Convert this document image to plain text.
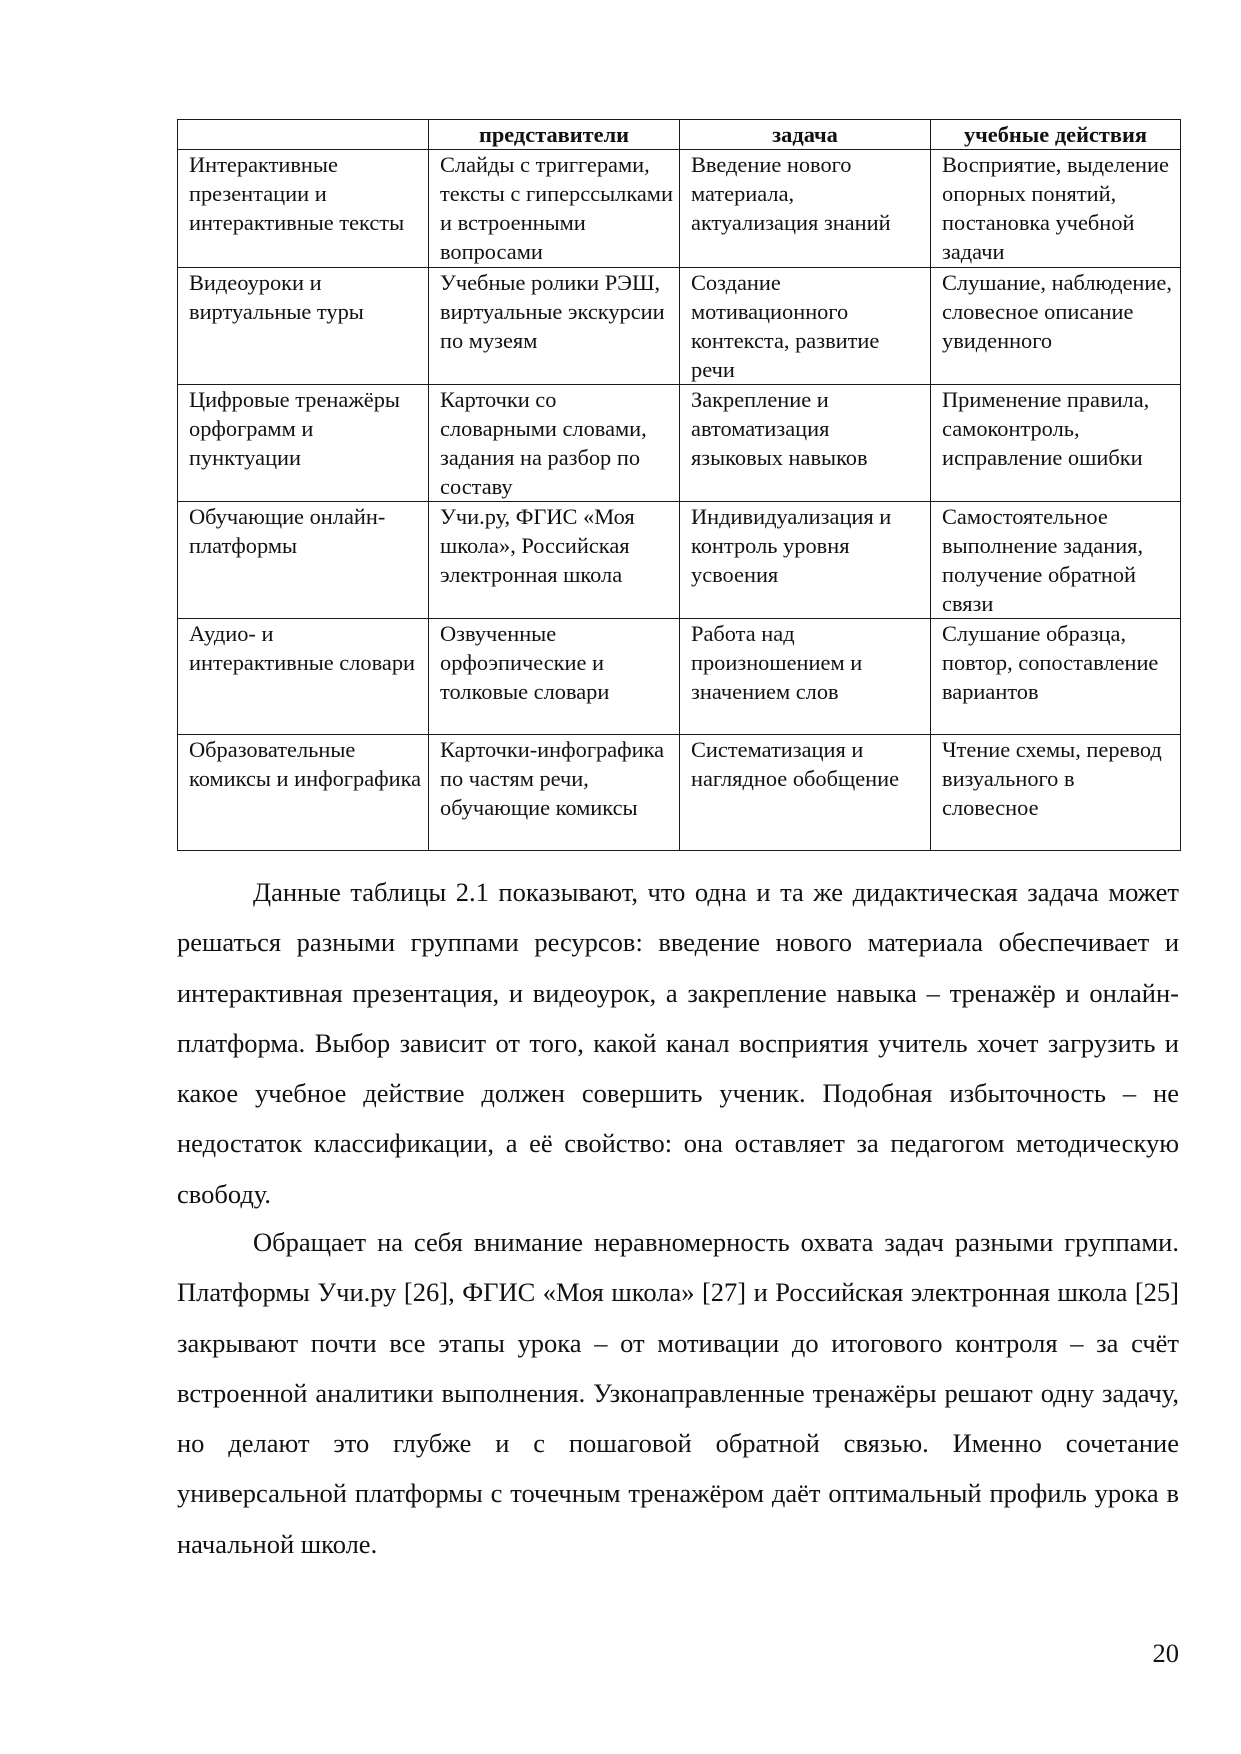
	представители	задача	учебные действия
Интерактивные презентации и интерактивные тексты	Слайды с триггерами, тексты с гиперссылками и встроенными вопросами	Введение нового материала, актуализация знаний	Восприятие, выделение опорных понятий, постановка учебной задачи
Видеоуроки и виртуальные туры	Учебные ролики РЭШ, виртуальные экскурсии по музеям	Создание мотивационного контекста, развитие речи	Слушание, наблюдение, словесное описание увиденного
Цифровые тренажёры орфограмм и пунктуации	Карточки со словарными словами, задания на разбор по составу	Закрепление и автоматизация языковых навыков	Применение правила, самоконтроль, исправление ошибки
Обучающие онлайн-платформы	Учи.ру, ФГИС «Моя школа», Российская электронная школа	Индивидуализация и контроль уровня усвоения	Самостоятельное выполнение задания, получение обратной связи
Аудио- и интерактивные словари	Озвученные орфоэпические и толковые словари	Работа над произношением и значением слов	Слушание образца, повтор, сопоставление вариантов
Образовательные комиксы и инфографика	Карточки-инфографика по частям речи, обучающие комиксы	Систематизация и наглядное обобщение	Чтение схемы, перевод визуального в словесное

Данные таблицы 2.1 показывают, что одна и та же дидактическая задача может решаться разными группами ресурсов: введение нового материала обеспечивает и интерактивная презентация, и видеоурок, а закрепление навыка – тренажёр и онлайн-платформа. Выбор зависит от того, какой канал восприятия учитель хочет загрузить и какое учебное действие должен совершить ученик. Подобная избыточность – не недостаток классификации, а её свойство: она оставляет за педагогом методическую свободу.

Обращает на себя внимание неравномерность охвата задач разными группами. Платформы Учи.ру [26], ФГИС «Моя школа» [27] и Российская электронная школа [25] закрывают почти все этапы урока – от мотивации до итогового контроля – за счёт встроенной аналитики выполнения. Узконаправленные тренажёры решают одну задачу, но делают это глубже и с пошаговой обратной связью. Именно сочетание универсальной платформы с точечным тренажёром даёт оптимальный профиль урока в начальной школе.

20
